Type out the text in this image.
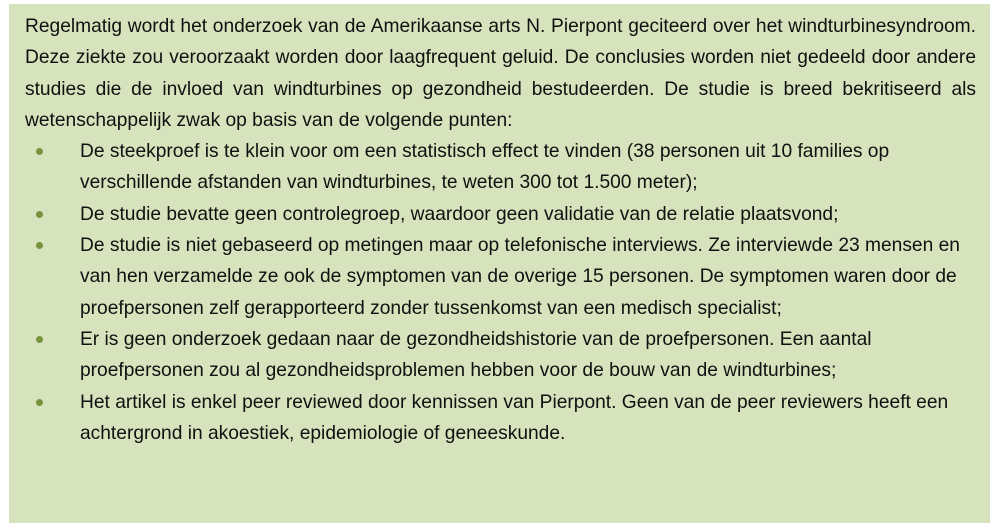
Regelmatig wordt het onderzoek van de Amerikaanse arts N. Pierpont geciteerd over het windturbinesyndroom. Deze ziekte zou veroorzaakt worden door laagfrequent geluid. De conclusies worden niet gedeeld door andere studies die de invloed van windturbines op gezondheid bestudeerden. De studie is breed bekritiseerd als wetenschappelijk zwak op basis van de volgende punten:

De steekproef is te klein voor om een statistisch effect te vinden (38 personen uit 10 families op verschillende afstanden van windturbines, te weten 300 tot 1.500 meter);
De studie bevatte geen controlegroep, waardoor geen validatie van de relatie plaatsvond;
De studie is niet gebaseerd op metingen maar op telefonische interviews. Ze interviewde 23 mensen en van hen verzamelde ze ook de symptomen van de overige 15 personen. De symptomen waren door de proefpersonen zelf gerapporteerd zonder tussenkomst van een medisch specialist;
Er is geen onderzoek gedaan naar de gezondheidshistorie van de proefpersonen. Een aantal proefpersonen zou al gezondheidsproblemen hebben voor de bouw van de windturbines;
Het artikel is enkel peer reviewed door kennissen van Pierpont. Geen van de peer reviewers heeft een achtergrond in akoestiek, epidemiologie of geneeskunde.
